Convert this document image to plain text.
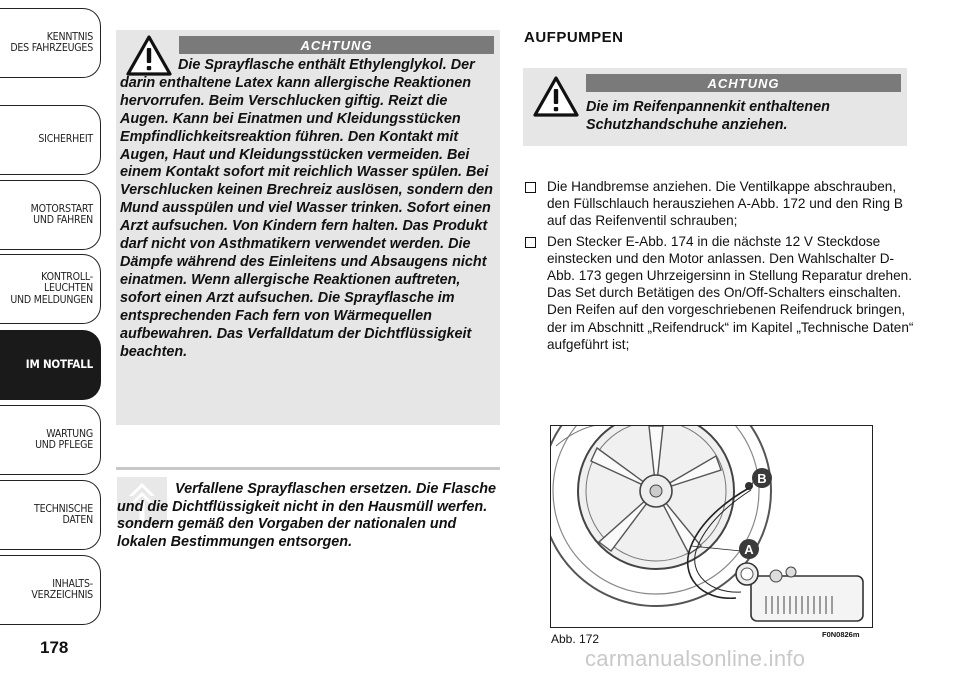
KENNTNIS
DES FAHRZEUGES
SICHERHEIT
MOTORSTART
UND FAHREN
KONTROLL-
LEUCHTEN
UND MELDUNGEN
IM NOTFALL
WARTUNG
UND PFLEGE
TECHNISCHE
DATEN
INHALTS-
VERZEICHNIS
178
ACHTUNG

Die Sprayflasche enthält Ethylenglykol. Der darin enthaltene Latex kann allergische Reaktionen hervorrufen. Beim Verschlucken giftig. Reizt die Augen. Kann bei Einatmen und Kleidungsstücken Empfindlichkeitsreaktion führen. Den Kontakt mit Augen, Haut und Kleidungsstücken vermeiden. Bei einem Kontakt sofort mit reichlich Wasser spülen. Bei Verschlucken keinen Brechreiz auslösen, sondern den Mund ausspülen und viel Wasser trinken. Sofort einen Arzt aufsuchen. Von Kindern fern halten. Das Produkt darf nicht von Asthmatikern verwendet werden. Die Dämpfe während des Einleitens und Absaugens nicht einatmen. Wenn allergische Reaktionen auftreten, sofort einen Arzt aufsuchen. Die Sprayflasche im entsprechenden Fach fern von Wärmequellen aufbewahren. Das Verfalldatum der Dichtflüssigkeit beachten.

Verfallene Sprayflaschen ersetzen. Die Flasche und die Dichtflüssigkeit nicht in den Hausmüll werfen. sondern gemäß den Vorgaben der nationalen und lokalen Bestimmungen entsorgen.

AUFPUMPEN
ACHTUNG

Die im Reifenpannenkit enthaltenen Schutzhandschuhe anziehen.

Die Handbremse anziehen. Die Ventilkappe abschrauben, den Füllschlauch herausziehen A-Abb. 172 und den Ring B auf das Reifenventil schrauben;
Den Stecker E-Abb. 174 in die nächste 12 V Steckdose einstecken und den Motor anlassen. Den Wahlschalter D-Abb. 173 gegen Uhrzeigersinn in Stellung Reparatur drehen. Das Set durch Betätigen des On/Off-Schalters einschalten. Den Reifen auf den vorgeschriebenen Reifendruck bringen, der im Abschnitt „Reifendruck“ im Kapitel „Technische Daten“ aufgeführt ist;
B
A
Abb. 172	F0N0826m
carmanualsonline.info
